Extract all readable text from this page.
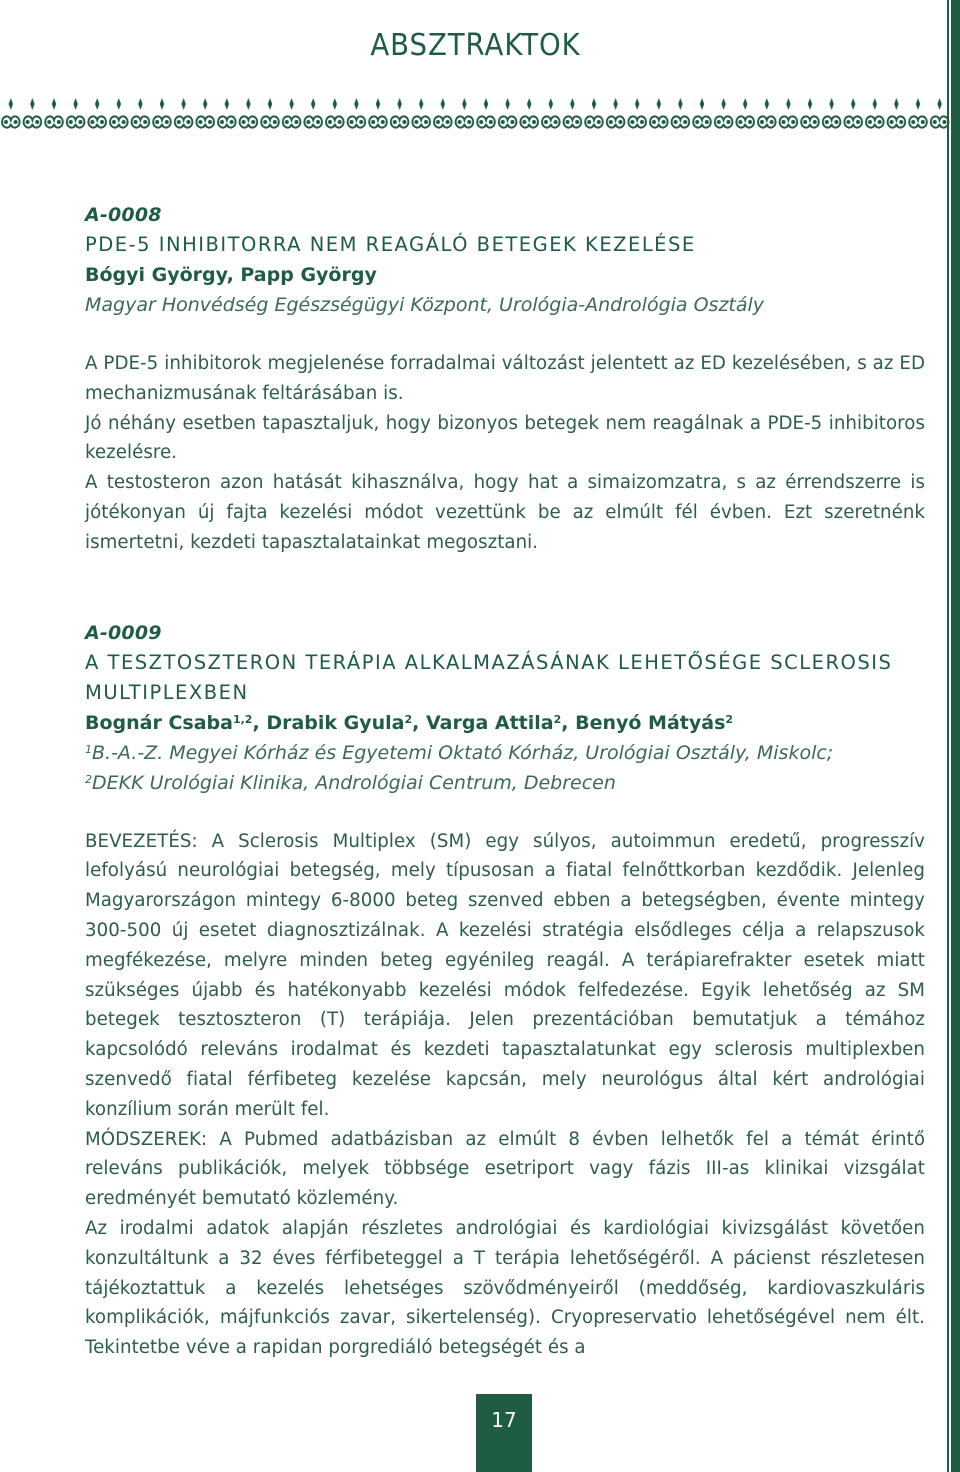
ABSZTRAKTOK
A-0008
PDE-5 INHIBITORRA NEM REAGÁLÓ BETEGEK KEZELÉSE
Bógyi György, Papp György
Magyar Honvédség Egészségügyi Központ, Urológia-Andrológia Osztály

A PDE-5 inhibitorok megjelenése forradalmai változást jelentett az ED kezelésében, s az ED mechanizmusának feltárásában is.

Jó néhány esetben tapasztaljuk, hogy bizonyos betegek nem reagálnak a PDE-5 inhibitoros kezelésre.

A testosteron azon hatását kihasználva, hogy hat a simaizomzatra, s az érrendszerre is jótékonyan új fajta kezelési módot vezettünk be az elmúlt fél évben. Ezt szeretnénk ismertetni, kezdeti tapasztalatainkat megosztani.

A-0009
A TESZTOSZTERON TERÁPIA ALKALMAZÁSÁNAK LEHETŐSÉGE SCLEROSIS MULTIPLEXBEN
Bognár Csaba$^{1,2}$, Drabik Gyula$^2$, Varga Attila$^2$, Benyó Mátyás$^2$
$^1$B.-A.-Z. Megyei Kórház és Egyetemi Oktató Kórház, Urológiai Osztály, Miskolc;
$^2$DEKK Urológiai Klinika, Andrológiai Centrum, Debrecen

BEVEZETÉS: A Sclerosis Multiplex (SM) egy súlyos, autoimmun eredetű, progresszív lefolyású neurológiai betegség, mely típusosan a fiatal felnőttkorban kezdődik. Jelenleg Magyarországon mintegy 6-8000 beteg szenved ebben a betegségben, évente mintegy 300-500 új esetet diagnosztizálnak. A kezelési stratégia elsődleges célja a relapszusok megfékezése, melyre minden beteg egyénileg reagál. A terápiarefrakter esetek miatt szükséges újabb és hatékonyabb kezelési módok felfedezése. Egyik lehetőség az SM betegek tesztoszteron (T) terápiája. Jelen prezentációban bemutatjuk a témához kapcsolódó releváns irodalmat és kezdeti tapasztalatunkat egy sclerosis multiplexben szenvedő fiatal férfibeteg kezelése kapcsán, mely neurológus által kért andrológiai konzílium során merült fel.

MÓDSZEREK: A Pubmed adatbázisban az elmúlt 8 évben lelhetők fel a témát érintő releváns publikációk, melyek többsége esetriport vagy fázis III-as klinikai vizsgálat eredményét bemutató közlemény.

Az irodalmi adatok alapján részletes andrológiai és kardiológiai kivizsgálást követően konzultáltunk a 32 éves férfibeteggel a T terápia lehetőségéről. A pácienst részletesen tájékoztattuk a kezelés lehetséges szövődményeiről (meddőség, kardiovaszkuláris komplikációk, májfunkciós zavar, sikertelenség). Cryopreservatio lehetőségével nem élt. Tekintetbe véve a rapidan porgrediáló betegségét és a

17
